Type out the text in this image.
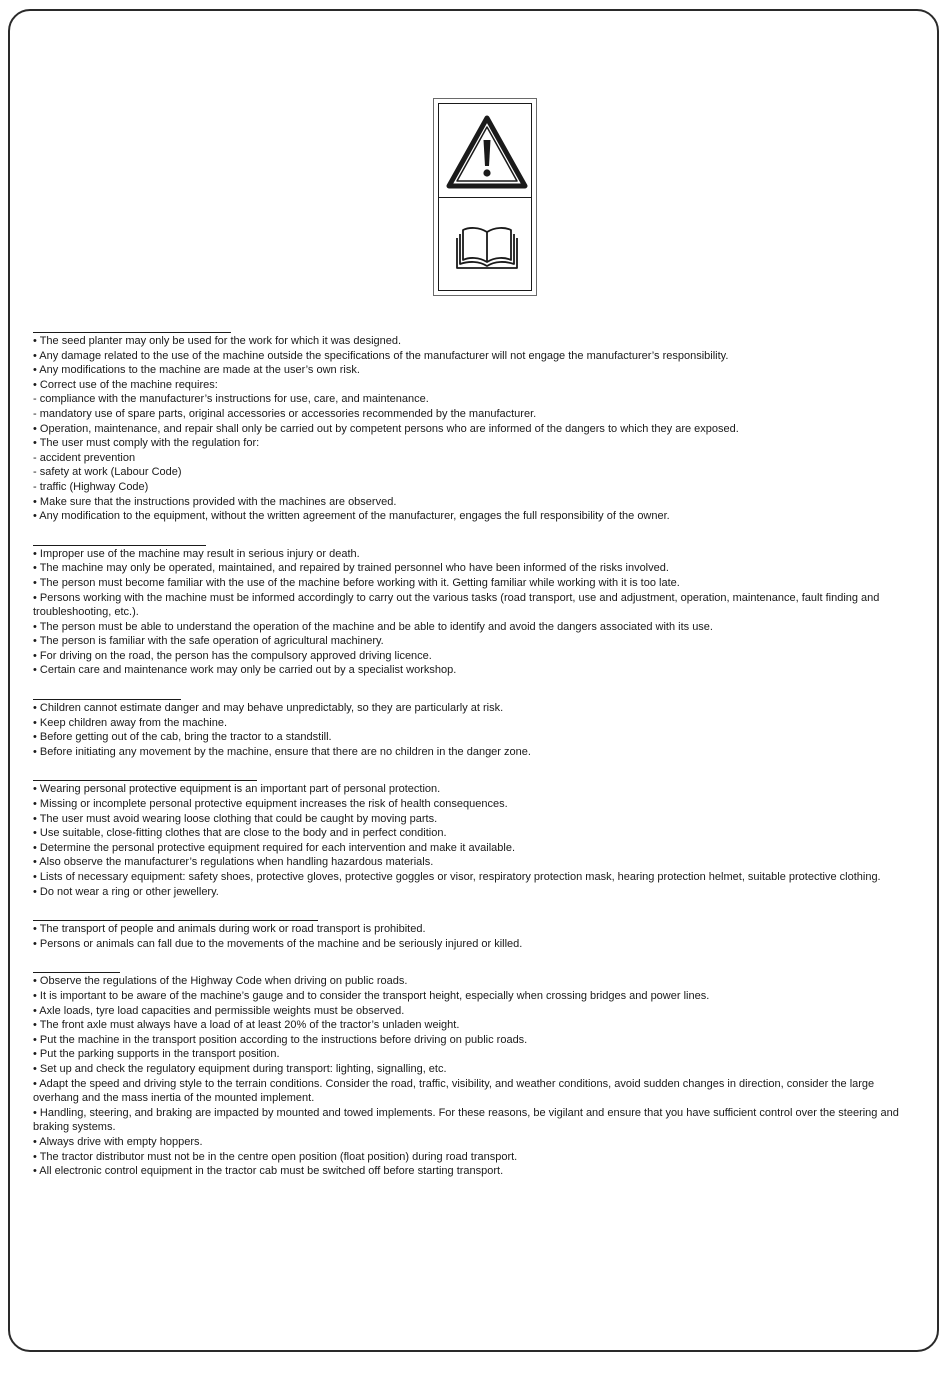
• The seed planter may only be used for the work for which it was designed.
• Any damage related to the use of the machine outside the specifications of the manufacturer will not engage the manufacturer’s responsibility.
• Any modifications to the machine are made at the user’s own risk.
• Correct use of the machine requires:
- compliance with the manufacturer’s instructions for use, care, and maintenance.
- mandatory use of spare parts, original accessories or accessories recommended by the manufacturer.
• Operation, maintenance, and repair shall only be carried out by competent persons who are informed of the dangers to which they are exposed.
• The user must comply with the regulation for:
- accident prevention
- safety at work (Labour Code)
- traffic (Highway Code)
• Make sure that the instructions provided with the machines are observed.
• Any modification to the equipment, without the written agreement of the manufacturer, engages the full responsibility of the owner.
• Improper use of the machine may result in serious injury or death.
• The machine may only be operated, maintained, and repaired by trained personnel who have been informed of the risks involved.
• The person must become familiar with the use of the machine before working with it. Getting familiar while working with it is too late.
• Persons working with the machine must be informed accordingly to carry out the various tasks (road transport, use and adjustment, operation, maintenance, fault finding and troubleshooting, etc.).
• The person must be able to understand the operation of the machine and be able to identify and avoid the dangers associated with its use.
• The person is familiar with the safe operation of agricultural machinery.
• For driving on the road, the person has the compulsory approved driving licence.
• Certain care and maintenance work may only be carried out by a specialist workshop.
• Children cannot estimate danger and may behave unpredictably, so they are particularly at risk.
• Keep children away from the machine.
• Before getting out of the cab, bring the tractor to a standstill.
• Before initiating any movement by the machine, ensure that there are no children in the danger zone.
• Wearing personal protective equipment is an important part of personal protection.
• Missing or incomplete personal protective equipment increases the risk of health consequences.
• The user must avoid wearing loose clothing that could be caught by moving parts.
• Use suitable, close-fitting clothes that are close to the body and in perfect condition.
• Determine the personal protective equipment required for each intervention and make it available.
• Also observe the manufacturer’s regulations when handling hazardous materials.
• Lists of necessary equipment: safety shoes, protective gloves, protective goggles or visor, respiratory protection mask, hearing protection helmet, suitable protective clothing.
• Do not wear a ring or other jewellery.
• The transport of people and animals during work or road transport is prohibited.
• Persons or animals can fall due to the movements of the machine and be seriously injured or killed.
• Observe the regulations of the Highway Code when driving on public roads.
• It is important to be aware of the machine’s gauge and to consider the transport height, especially when crossing bridges and power lines.
• Axle loads, tyre load capacities and permissible weights must be observed.
• The front axle must always have a load of at least 20% of the tractor’s unladen weight.
• Put the machine in the transport position according to the instructions before driving on public roads.
• Put the parking supports in the transport position.
• Set up and check the regulatory equipment during transport: lighting, signalling, etc.
• Adapt the speed and driving style to the terrain conditions. Consider the road, traffic, visibility, and weather conditions, avoid sudden changes in direction, consider the large overhang and the mass inertia of the mounted implement.
• Handling, steering, and braking are impacted by mounted and towed implements. For these reasons, be vigilant and ensure that you have sufficient control over the steering and braking systems.
• Always drive with empty hoppers.
• The tractor distributor must not be in the centre open position (float position) during road transport.
• All electronic control equipment in the tractor cab must be switched off before starting transport.
